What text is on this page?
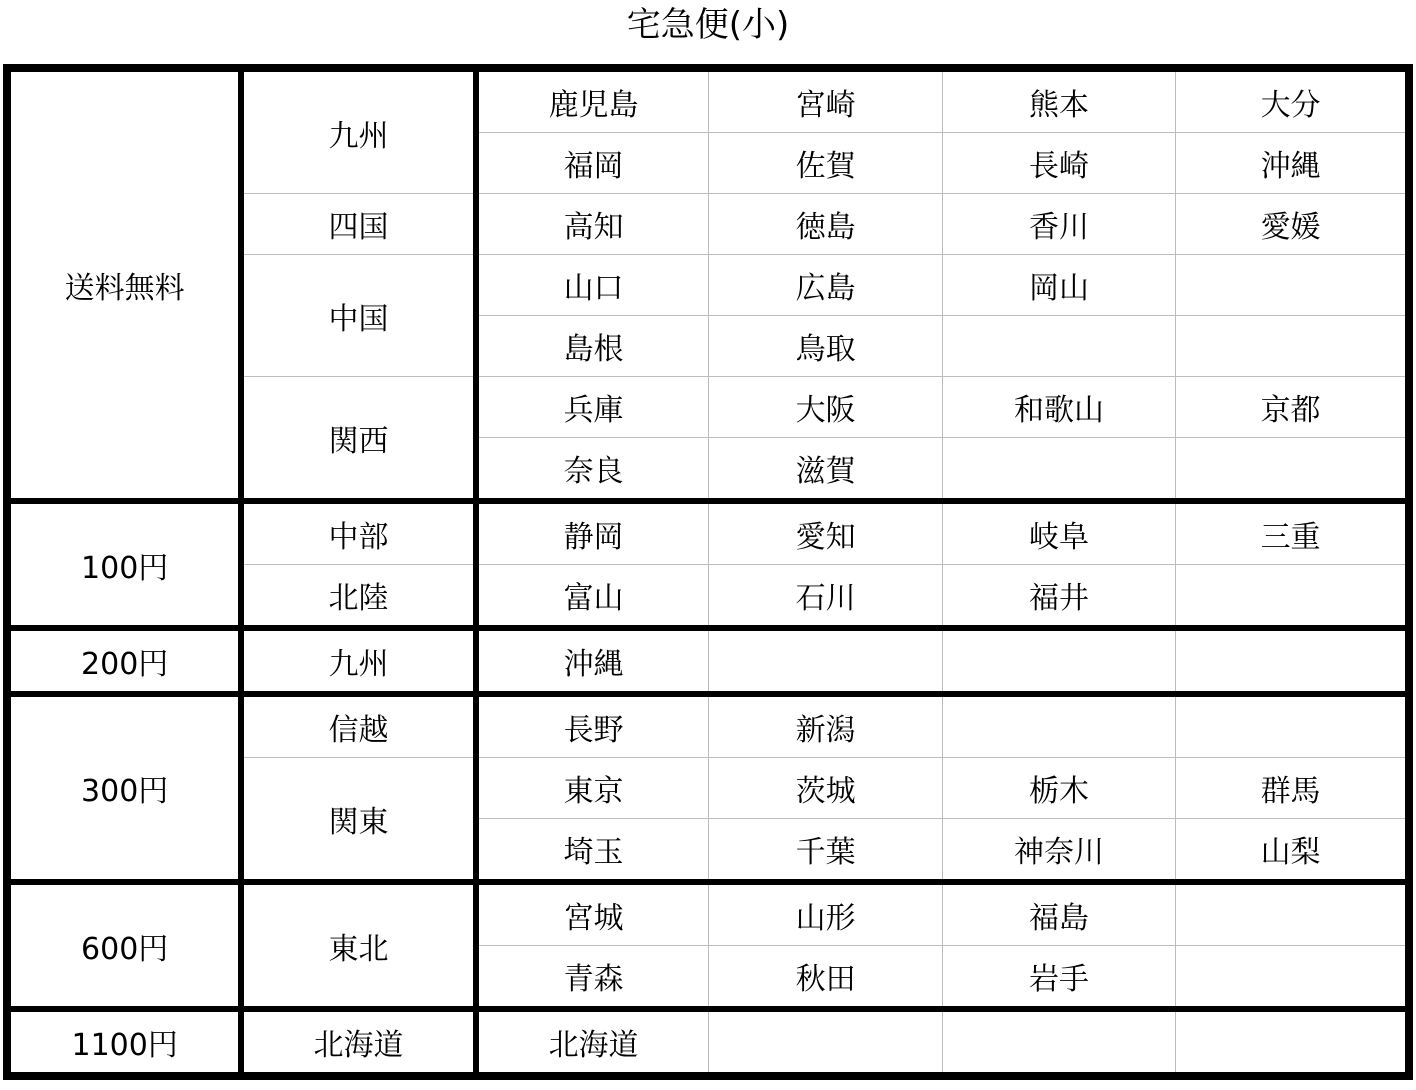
宅急便(小)
送料無料	九州	鹿児島	宮崎	熊本	大分
		福岡	佐賀	長崎	沖縄
	四国	高知	徳島	香川	愛媛
	中国	山口	広島	岡山	
		島根	鳥取		
	関西	兵庫	大阪	和歌山	京都
		奈良	滋賀		
100円	中部	静岡	愛知	岐阜	三重
	北陸	富山	石川	福井	
200円	九州	沖縄			
300円	信越	長野	新潟		
	関東	東京	茨城	栃木	群馬
		埼玉	千葉	神奈川	山梨
600円	東北	宮城	山形	福島	
		青森	秋田	岩手	
1100円	北海道	北海道			
